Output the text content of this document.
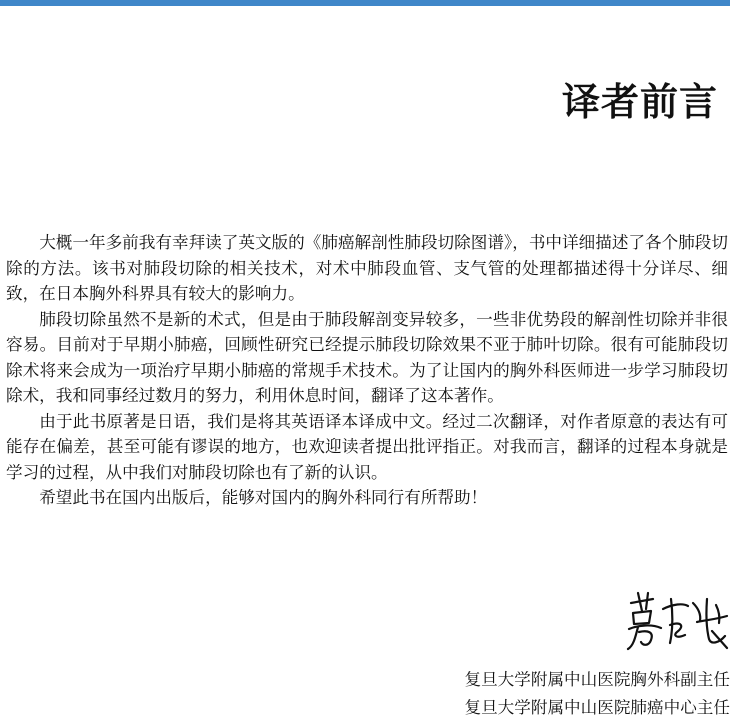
译者前言

大概一年多前我有幸拜读了英文版的《肺癌解剖性肺段切除图谱》，书中详细描述了各个肺段切除的方法。该书对肺段切除的相关技术，对术中肺段血管、支气管的处理都描述得十分详尽、细致，在日本胸外科界具有较大的影响力。

肺段切除虽然不是新的术式，但是由于肺段解剖变异较多，一些非优势段的解剖性切除并非很容易。目前对于早期小肺癌，回顾性研究已经提示肺段切除效果不亚于肺叶切除。很有可能肺段切除术将来会成为一项治疗早期小肺癌的常规手术技术。为了让国内的胸外科医师进一步学习肺段切除术，我和同事经过数月的努力，利用休息时间，翻译了这本著作。

由于此书原著是日语，我们是将其英语译本译成中文。经过二次翻译，对作者原意的表达有可能存在偏差，甚至可能有谬误的地方，也欢迎读者提出批评指正。对我而言，翻译的过程本身就是学习的过程，从中我们对肺段切除也有了新的认识。

希望此书在国内出版后，能够对国内的胸外科同行有所帮助！

复旦大学附属中山医院胸外科副主任
复旦大学附属中山医院肺癌中心主任
